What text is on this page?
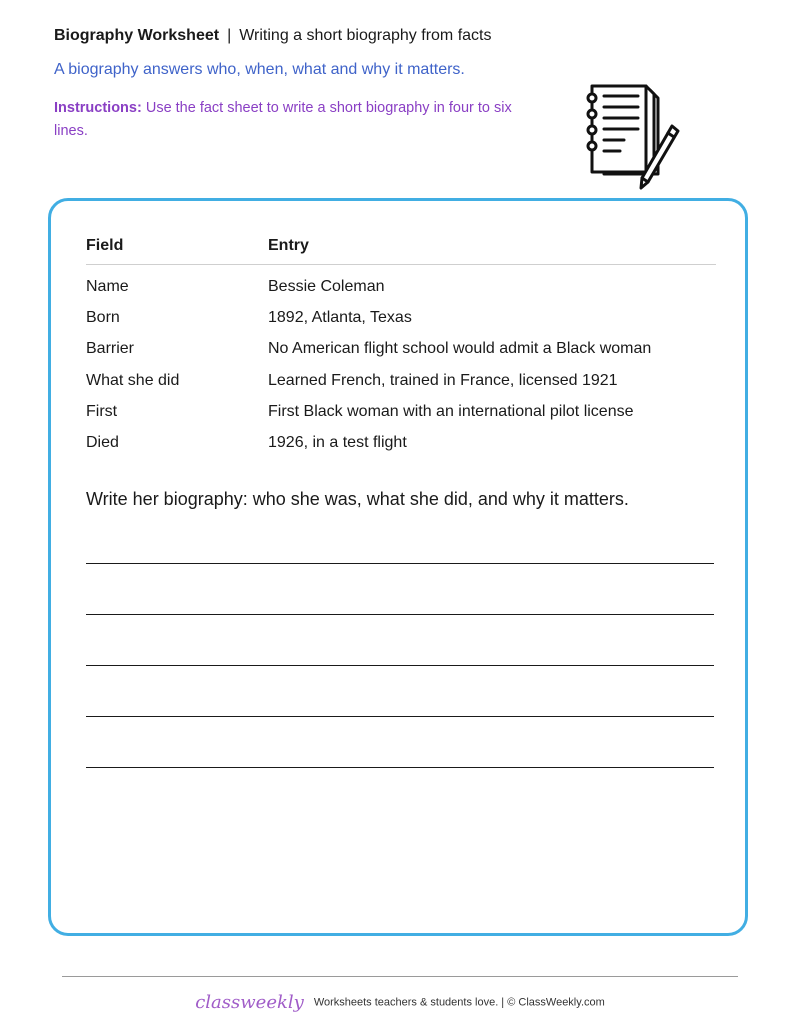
Biography Worksheet | Writing a short biography from facts
A biography answers who, when, what and why it matters.
Instructions: Use the fact sheet to write a short biography in four to six lines.
Field	Entry
Name	Bessie Coleman
Born	1892, Atlanta, Texas
Barrier	No American flight school would admit a Black woman
What she did	Learned French, trained in France, licensed 1921
First	First Black woman with an international pilot license
Died	1926, in a test flight
Write her biography: who she was, what she did, and why it matters.
classweekly Worksheets teachers & students love. | © ClassWeekly.com
